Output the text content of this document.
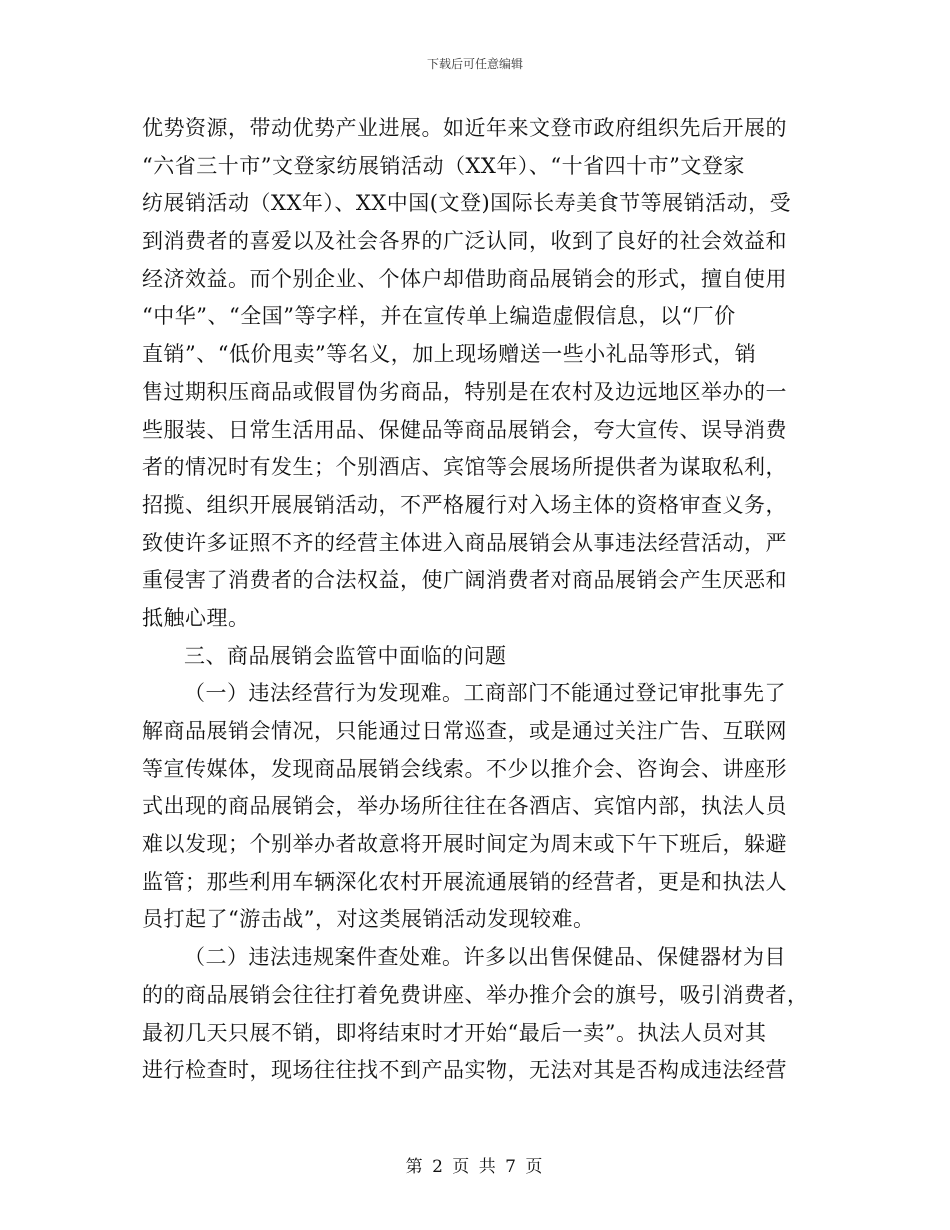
下载后可任意编辑
优势资源，带动优势产业进展。如近年来文登市政府组织先后开展的
“六省三十市”文登家纺展销活动（XX年）、“十省四十市”文登家
纺展销活动（XX年）、XX中国(文登)国际长寿美食节等展销活动，受
到消费者的喜爱以及社会各界的广泛认同，收到了良好的社会效益和
经济效益。而个别企业、个体户却借助商品展销会的形式，擅自使用
“中华”、“全国”等字样，并在宣传单上编造虚假信息，以“厂价
直销”、“低价甩卖”等名义，加上现场赠送一些小礼品等形式，销
售过期积压商品或假冒伪劣商品，特别是在农村及边远地区举办的一
些服装、日常生活用品、保健品等商品展销会，夸大宣传、误导消费
者的情况时有发生；个别酒店、宾馆等会展场所提供者为谋取私利，
招揽、组织开展展销活动，不严格履行对入场主体的资格审查义务，
致使许多证照不齐的经营主体进入商品展销会从事违法经营活动，严
重侵害了消费者的合法权益，使广阔消费者对商品展销会产生厌恶和
抵触心理。
三、商品展销会监管中面临的问题
（一）违法经营行为发现难。工商部门不能通过登记审批事先了
解商品展销会情况，只能通过日常巡查，或是通过关注广告、互联网
等宣传媒体，发现商品展销会线索。不少以推介会、咨询会、讲座形
式出现的商品展销会，举办场所往往在各酒店、宾馆内部，执法人员
难以发现；个别举办者故意将开展时间定为周末或下午下班后，躲避
监管；那些利用车辆深化农村开展流通展销的经营者，更是和执法人
员打起了“游击战”，对这类展销活动发现较难。
（二）违法违规案件查处难。许多以出售保健品、保健器材为目
的的商品展销会往往打着免费讲座、举办推介会的旗号，吸引消费者，
最初几天只展不销，即将结束时才开始“最后一卖”。执法人员对其
进行检查时，现场往往找不到产品实物，无法对其是否构成违法经营
第 2 页 共 7 页
